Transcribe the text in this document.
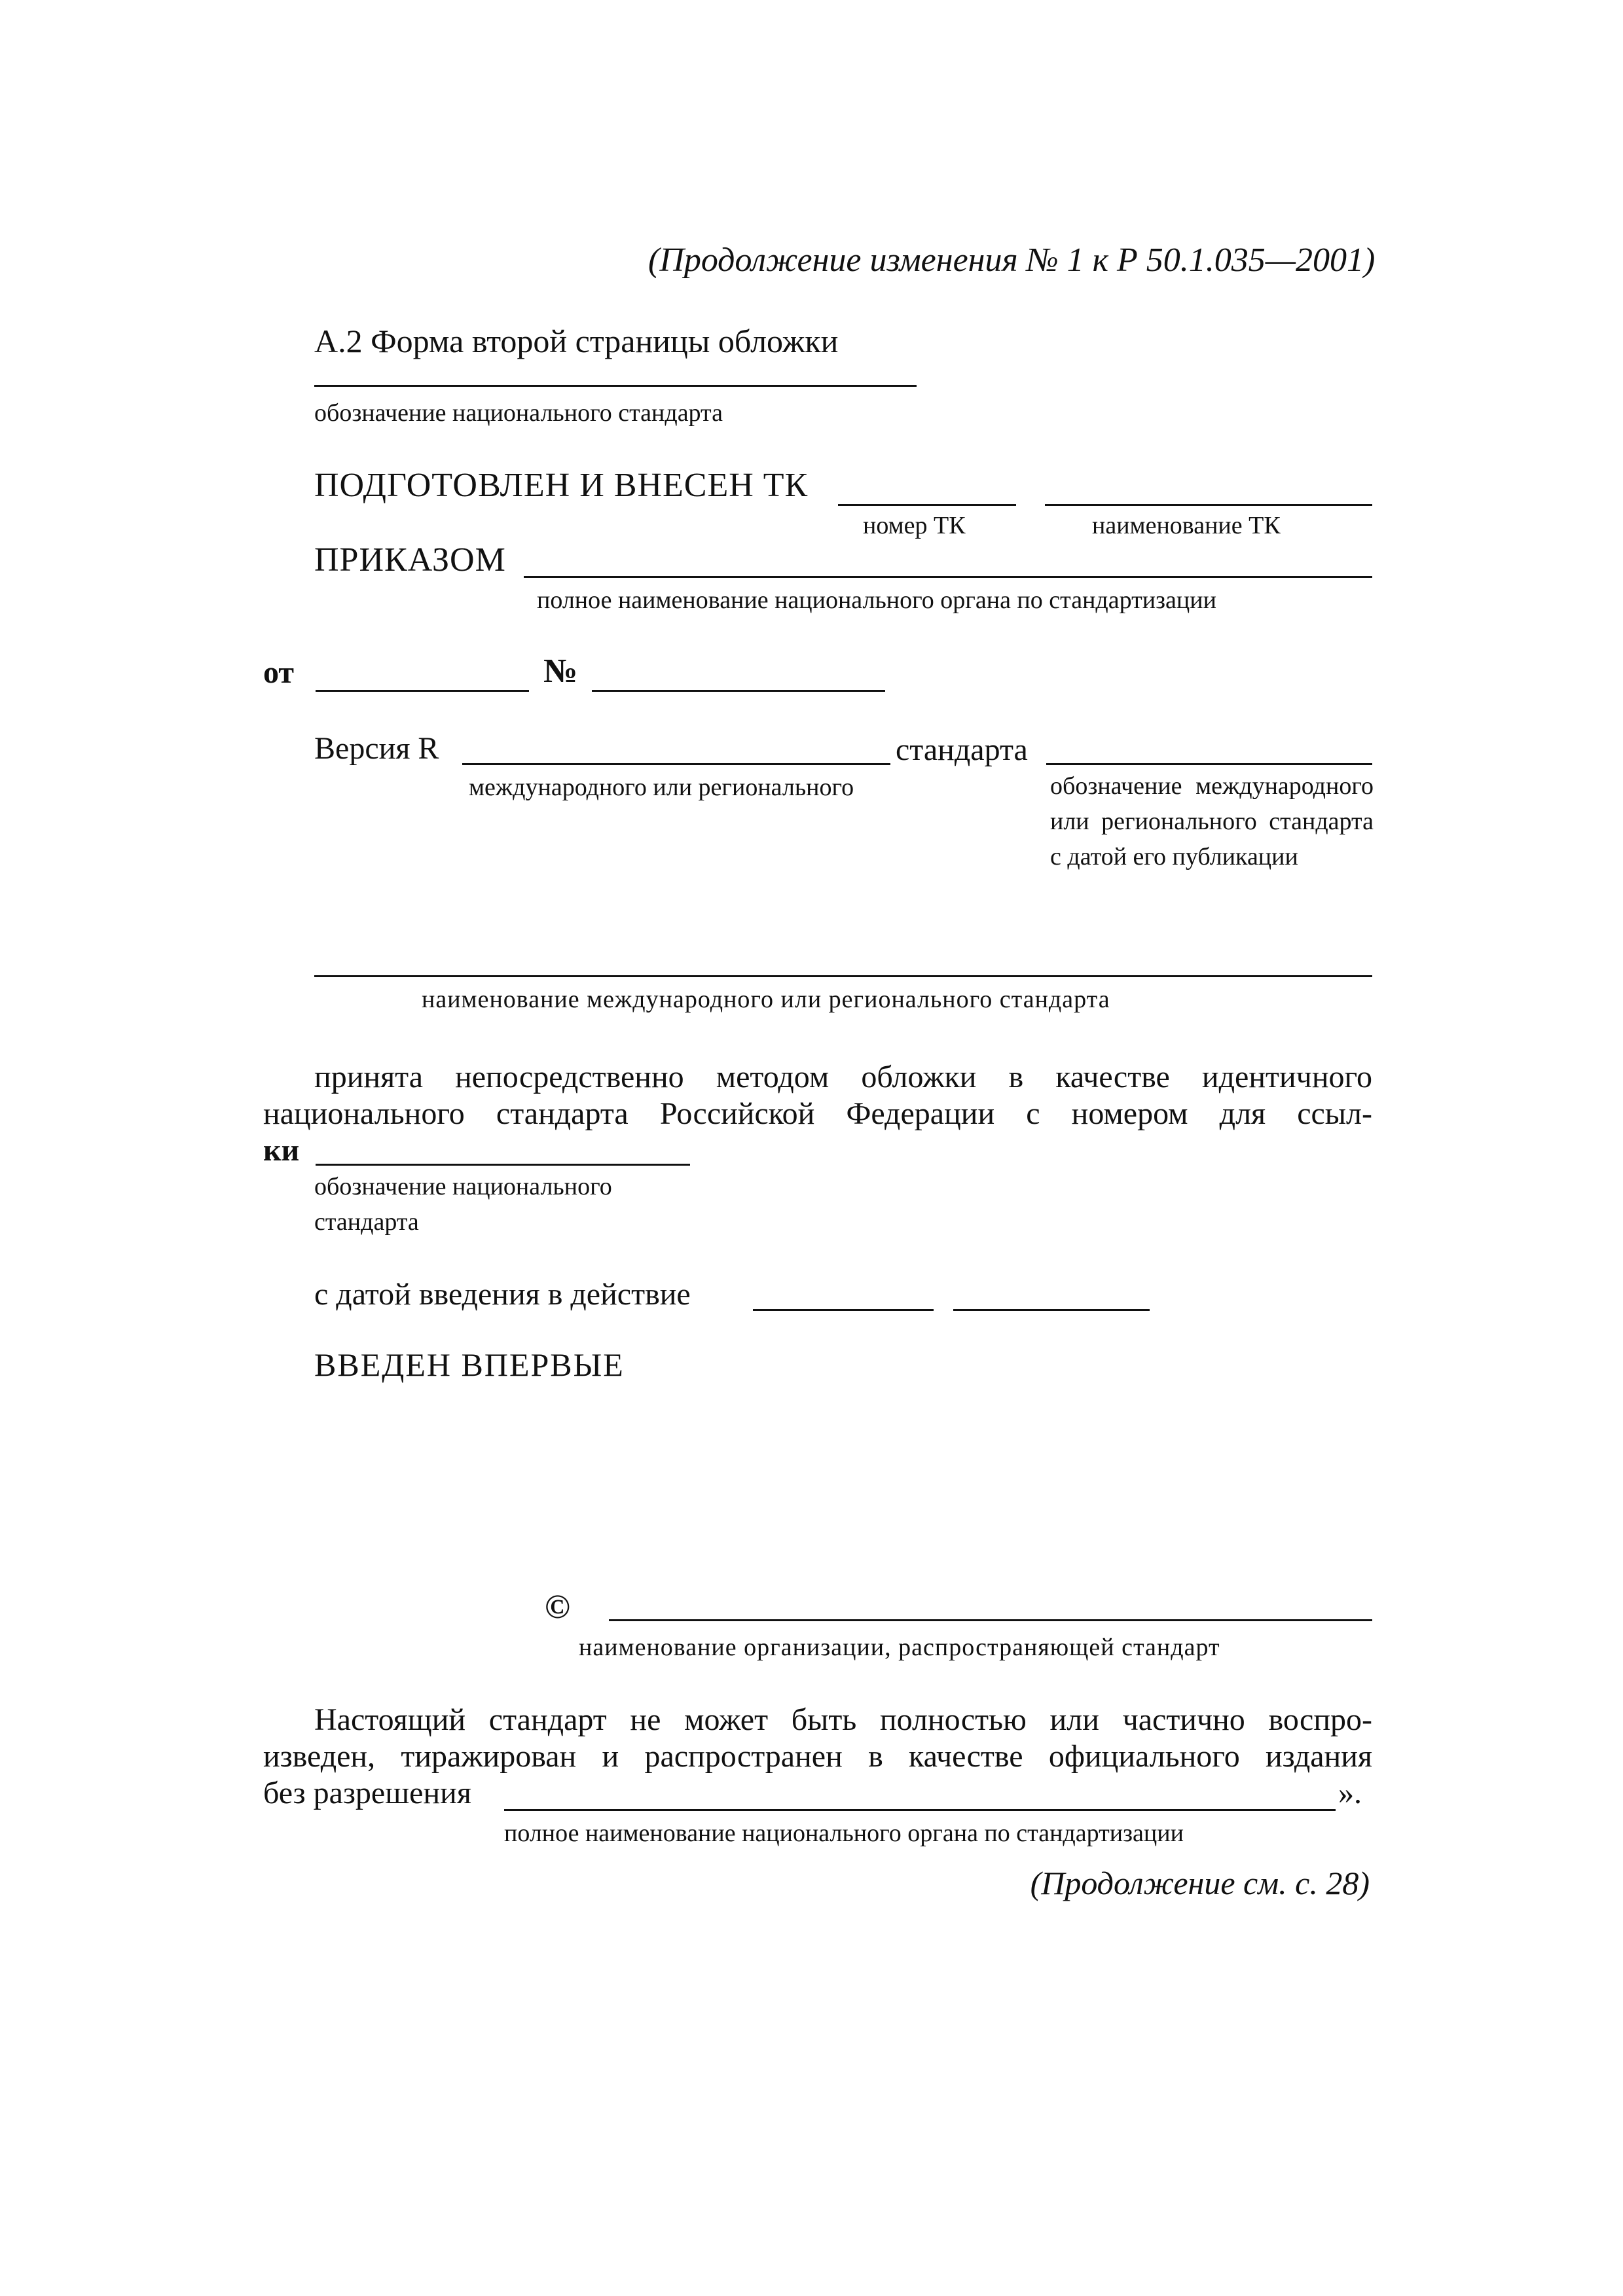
(Продолжение изменения № 1 к Р 50.1.035—2001)
А.2 Форма второй страницы обложки
обозначение национального стандарта
ПОДГОТОВЛЕН И ВНЕСЕН ТК
номер ТК	наименование ТК
ПРИКАЗОМ
полное наименование национального органа по стандартизации
от	№
Версия R	стандарта
международного или регионального	обозначение международного или регионального стандарта с датой его публикации
наименование международного или регионального стандарта
принята непосредственно методом обложки в качестве идентичного
национального стандарта Российской Федерации с номером для ссыл-
ки
обозначение национального
стандарта
с датой введения в действие
ВВЕДЕН ВПЕРВЫЕ
©
наименование организации, распространяющей стандарт
Настоящий стандарт не может быть полностью или частично воспро-
изведен, тиражирован и распространен в качестве официального издания
без разрешения	».
полное наименование национального органа по стандартизации
(Продолжение см. с. 28)
